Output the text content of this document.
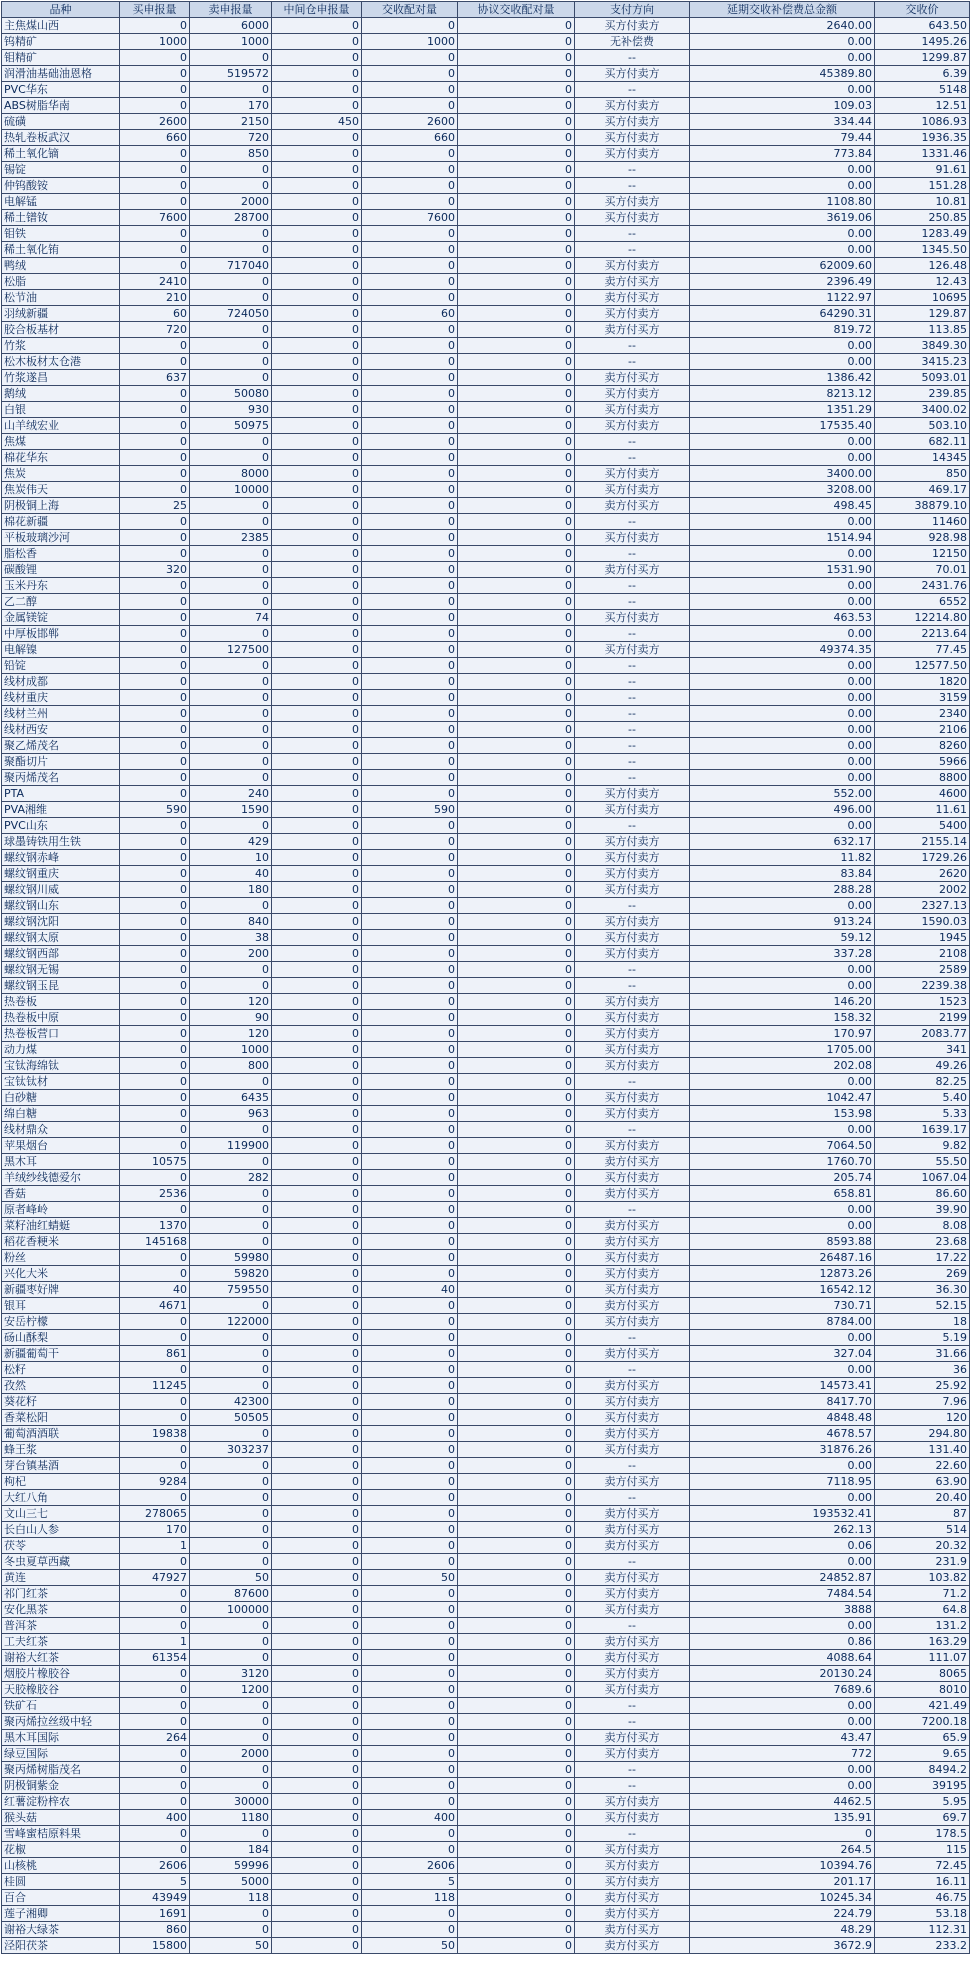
品种	买申报量	卖申报量	中间仓申报量	交收配对量	协议交收配对量	支付方向	延期交收补偿费总金额	交收价
主焦煤山西	0	6000	0	0	0	买方付卖方	2640.00	643.50
钨精矿	1000	1000	0	1000	0	无补偿费	0.00	1495.26
钼精矿	0	0	0	0	0	--	0.00	1299.87
润滑油基础油恩格	0	519572	0	0	0	买方付卖方	45389.80	6.39
PVC华东	0	0	0	0	0	--	0.00	5148
ABS树脂华南	0	170	0	0	0	买方付卖方	109.03	12.51
硫磺	2600	2150	450	2600	0	买方付卖方	334.44	1086.93
热轧卷板武汉	660	720	0	660	0	买方付卖方	79.44	1936.35
稀土氧化镝	0	850	0	0	0	买方付卖方	773.84	1331.46
锡锭	0	0	0	0	0	--	0.00	91.61
仲钨酸铵	0	0	0	0	0	--	0.00	151.28
电解锰	0	2000	0	0	0	买方付卖方	1108.80	10.81
稀土镨钕	7600	28700	0	7600	0	买方付卖方	3619.06	250.85
钼铁	0	0	0	0	0	--	0.00	1283.49
稀土氧化铕	0	0	0	0	0	--	0.00	1345.50
鸭绒	0	717040	0	0	0	买方付卖方	62009.60	126.48
松脂	2410	0	0	0	0	卖方付买方	2396.49	12.43
松节油	210	0	0	0	0	卖方付买方	1122.97	10695
羽绒新疆	60	724050	0	60	0	买方付卖方	64290.31	129.87
胶合板基材	720	0	0	0	0	卖方付买方	819.72	113.85
竹浆	0	0	0	0	0	--	0.00	3849.30
松木板材太仓港	0	0	0	0	0	--	0.00	3415.23
竹浆遂昌	637	0	0	0	0	卖方付买方	1386.42	5093.01
鹅绒	0	50080	0	0	0	买方付卖方	8213.12	239.85
白银	0	930	0	0	0	买方付卖方	1351.29	3400.02
山羊绒宏业	0	50975	0	0	0	买方付卖方	17535.40	503.10
焦煤	0	0	0	0	0	--	0.00	682.11
棉花华东	0	0	0	0	0	--	0.00	14345
焦炭	0	8000	0	0	0	买方付卖方	3400.00	850
焦炭伟天	0	10000	0	0	0	买方付卖方	3208.00	469.17
阴极铜上海	25	0	0	0	0	卖方付买方	498.45	38879.10
棉花新疆	0	0	0	0	0	--	0.00	11460
平板玻璃沙河	0	2385	0	0	0	买方付卖方	1514.94	928.98
脂松香	0	0	0	0	0	--	0.00	12150
碳酸锂	320	0	0	0	0	卖方付买方	1531.90	70.01
玉米丹东	0	0	0	0	0	--	0.00	2431.76
乙二醇	0	0	0	0	0	--	0.00	6552
金属镁锭	0	74	0	0	0	买方付卖方	463.53	12214.80
中厚板邯郸	0	0	0	0	0	--	0.00	2213.64
电解镍	0	127500	0	0	0	买方付卖方	49374.35	77.45
铅锭	0	0	0	0	0	--	0.00	12577.50
线材成都	0	0	0	0	0	--	0.00	1820
线材重庆	0	0	0	0	0	--	0.00	3159
线材兰州	0	0	0	0	0	--	0.00	2340
线材西安	0	0	0	0	0	--	0.00	2106
聚乙烯茂名	0	0	0	0	0	--	0.00	8260
聚酯切片	0	0	0	0	0	--	0.00	5966
聚丙烯茂名	0	0	0	0	0	--	0.00	8800
PTA	0	240	0	0	0	买方付卖方	552.00	4600
PVA湘维	590	1590	0	590	0	买方付卖方	496.00	11.61
PVC山东	0	0	0	0	0	--	0.00	5400
球墨铸铁用生铁	0	429	0	0	0	买方付卖方	632.17	2155.14
螺纹钢赤峰	0	10	0	0	0	买方付卖方	11.82	1729.26
螺纹钢重庆	0	40	0	0	0	买方付卖方	83.84	2620
螺纹钢川威	0	180	0	0	0	买方付卖方	288.28	2002
螺纹钢山东	0	0	0	0	0	--	0.00	2327.13
螺纹钢沈阳	0	840	0	0	0	买方付卖方	913.24	1590.03
螺纹钢太原	0	38	0	0	0	买方付卖方	59.12	1945
螺纹钢西部	0	200	0	0	0	买方付卖方	337.28	2108
螺纹钢无锡	0	0	0	0	0	--	0.00	2589
螺纹钢玉昆	0	0	0	0	0	--	0.00	2239.38
热卷板	0	120	0	0	0	买方付卖方	146.20	1523
热卷板中原	0	90	0	0	0	买方付卖方	158.32	2199
热卷板营口	0	120	0	0	0	买方付卖方	170.97	2083.77
动力煤	0	1000	0	0	0	买方付卖方	1705.00	341
宝钛海绵钛	0	800	0	0	0	买方付卖方	202.08	49.26
宝钛钛材	0	0	0	0	0	--	0.00	82.25
白砂糖	0	6435	0	0	0	买方付卖方	1042.47	5.40
绵白糖	0	963	0	0	0	买方付卖方	153.98	5.33
线材鼎众	0	0	0	0	0	--	0.00	1639.17
苹果烟台	0	119900	0	0	0	买方付卖方	7064.50	9.82
黑木耳	10575	0	0	0	0	卖方付买方	1760.70	55.50
羊绒纱线德爱尔	0	282	0	0	0	买方付卖方	205.74	1067.04
香菇	2536	0	0	0	0	卖方付买方	658.81	86.60
原者峰岭	0	0	0	0	0	--	0.00	39.90
菜籽油红蜻蜓	1370	0	0	0	0	卖方付买方	0.00	8.08
稻花香粳米	145168	0	0	0	0	卖方付买方	8593.88	23.68
粉丝	0	59980	0	0	0	买方付卖方	26487.16	17.22
兴化大米	0	59820	0	0	0	买方付卖方	12873.26	269
新疆枣好牌	40	759550	0	40	0	买方付卖方	16542.12	36.30
银耳	4671	0	0	0	0	卖方付买方	730.71	52.15
安岳柠檬	0	122000	0	0	0	买方付卖方	8784.00	18
砀山酥梨	0	0	0	0	0	--	0.00	5.19
新疆葡萄干	861	0	0	0	0	卖方付买方	327.04	31.66
松籽	0	0	0	0	0	--	0.00	36
孜然	11245	0	0	0	0	卖方付买方	14573.41	25.92
葵花籽	0	42300	0	0	0	买方付卖方	8417.70	7.96
香菜松阳	0	50505	0	0	0	买方付卖方	4848.48	120
葡萄酒酒联	19838	0	0	0	0	卖方付买方	4678.57	294.80
蜂王浆	0	303237	0	0	0	买方付卖方	31876.26	131.40
芽台镇基酒	0	0	0	0	0	--	0.00	22.60
枸杞	9284	0	0	0	0	卖方付买方	7118.95	63.90
大红八角	0	0	0	0	0	--	0.00	20.40
文山三七	278065	0	0	0	0	卖方付买方	193532.41	87
长白山人参	170	0	0	0	0	卖方付买方	262.13	514
茯苓	1	0	0	0	0	卖方付买方	0.06	20.32
冬虫夏草西藏	0	0	0	0	0	--	0.00	231.9
黄连	47927	50	0	50	0	卖方付买方	24852.87	103.82
祁门红茶	0	87600	0	0	0	买方付卖方	7484.54	71.2
安化黑茶	0	100000	0	0	0	买方付卖方	3888	64.8
普洱茶	0	0	0	0	0	--	0.00	131.2
工夫红茶	1	0	0	0	0	卖方付买方	0.86	163.29
谢裕大红茶	61354	0	0	0	0	卖方付买方	4088.64	111.07
烟胶片橡胶谷	0	3120	0	0	0	买方付卖方	20130.24	8065
天胶橡胶谷	0	1200	0	0	0	买方付卖方	7689.6	8010
铁矿石	0	0	0	0	0	--	0.00	421.49
聚丙烯拉丝级中轻	0	0	0	0	0	--	0.00	7200.18
黑木耳国际	264	0	0	0	0	卖方付买方	43.47	65.9
绿豆国际	0	2000	0	0	0	买方付卖方	772	9.65
聚丙烯树脂茂名	0	0	0	0	0	--	0.00	8494.2
阴极铜紫金	0	0	0	0	0	--	0.00	39195
红薯淀粉梓农	0	30000	0	0	0	买方付卖方	4462.5	5.95
猴头菇	400	1180	0	400	0	买方付卖方	135.91	69.7
雪峰蜜桔原料果	0	0	0	0	0	--	0	178.5
花椒	0	184	0	0	0	买方付卖方	264.5	115
山核桃	2606	59996	0	2606	0	买方付卖方	10394.76	72.45
桂圆	5	5000	0	5	0	买方付卖方	201.17	16.11
百合	43949	118	0	118	0	卖方付买方	10245.34	46.75
莲子湘卿	1691	0	0	0	0	卖方付买方	224.79	53.18
谢裕大绿茶	860	0	0	0	0	卖方付买方	48.29	112.31
泾阳茯茶	15800	50	0	50	0	卖方付买方	3672.9	233.2
